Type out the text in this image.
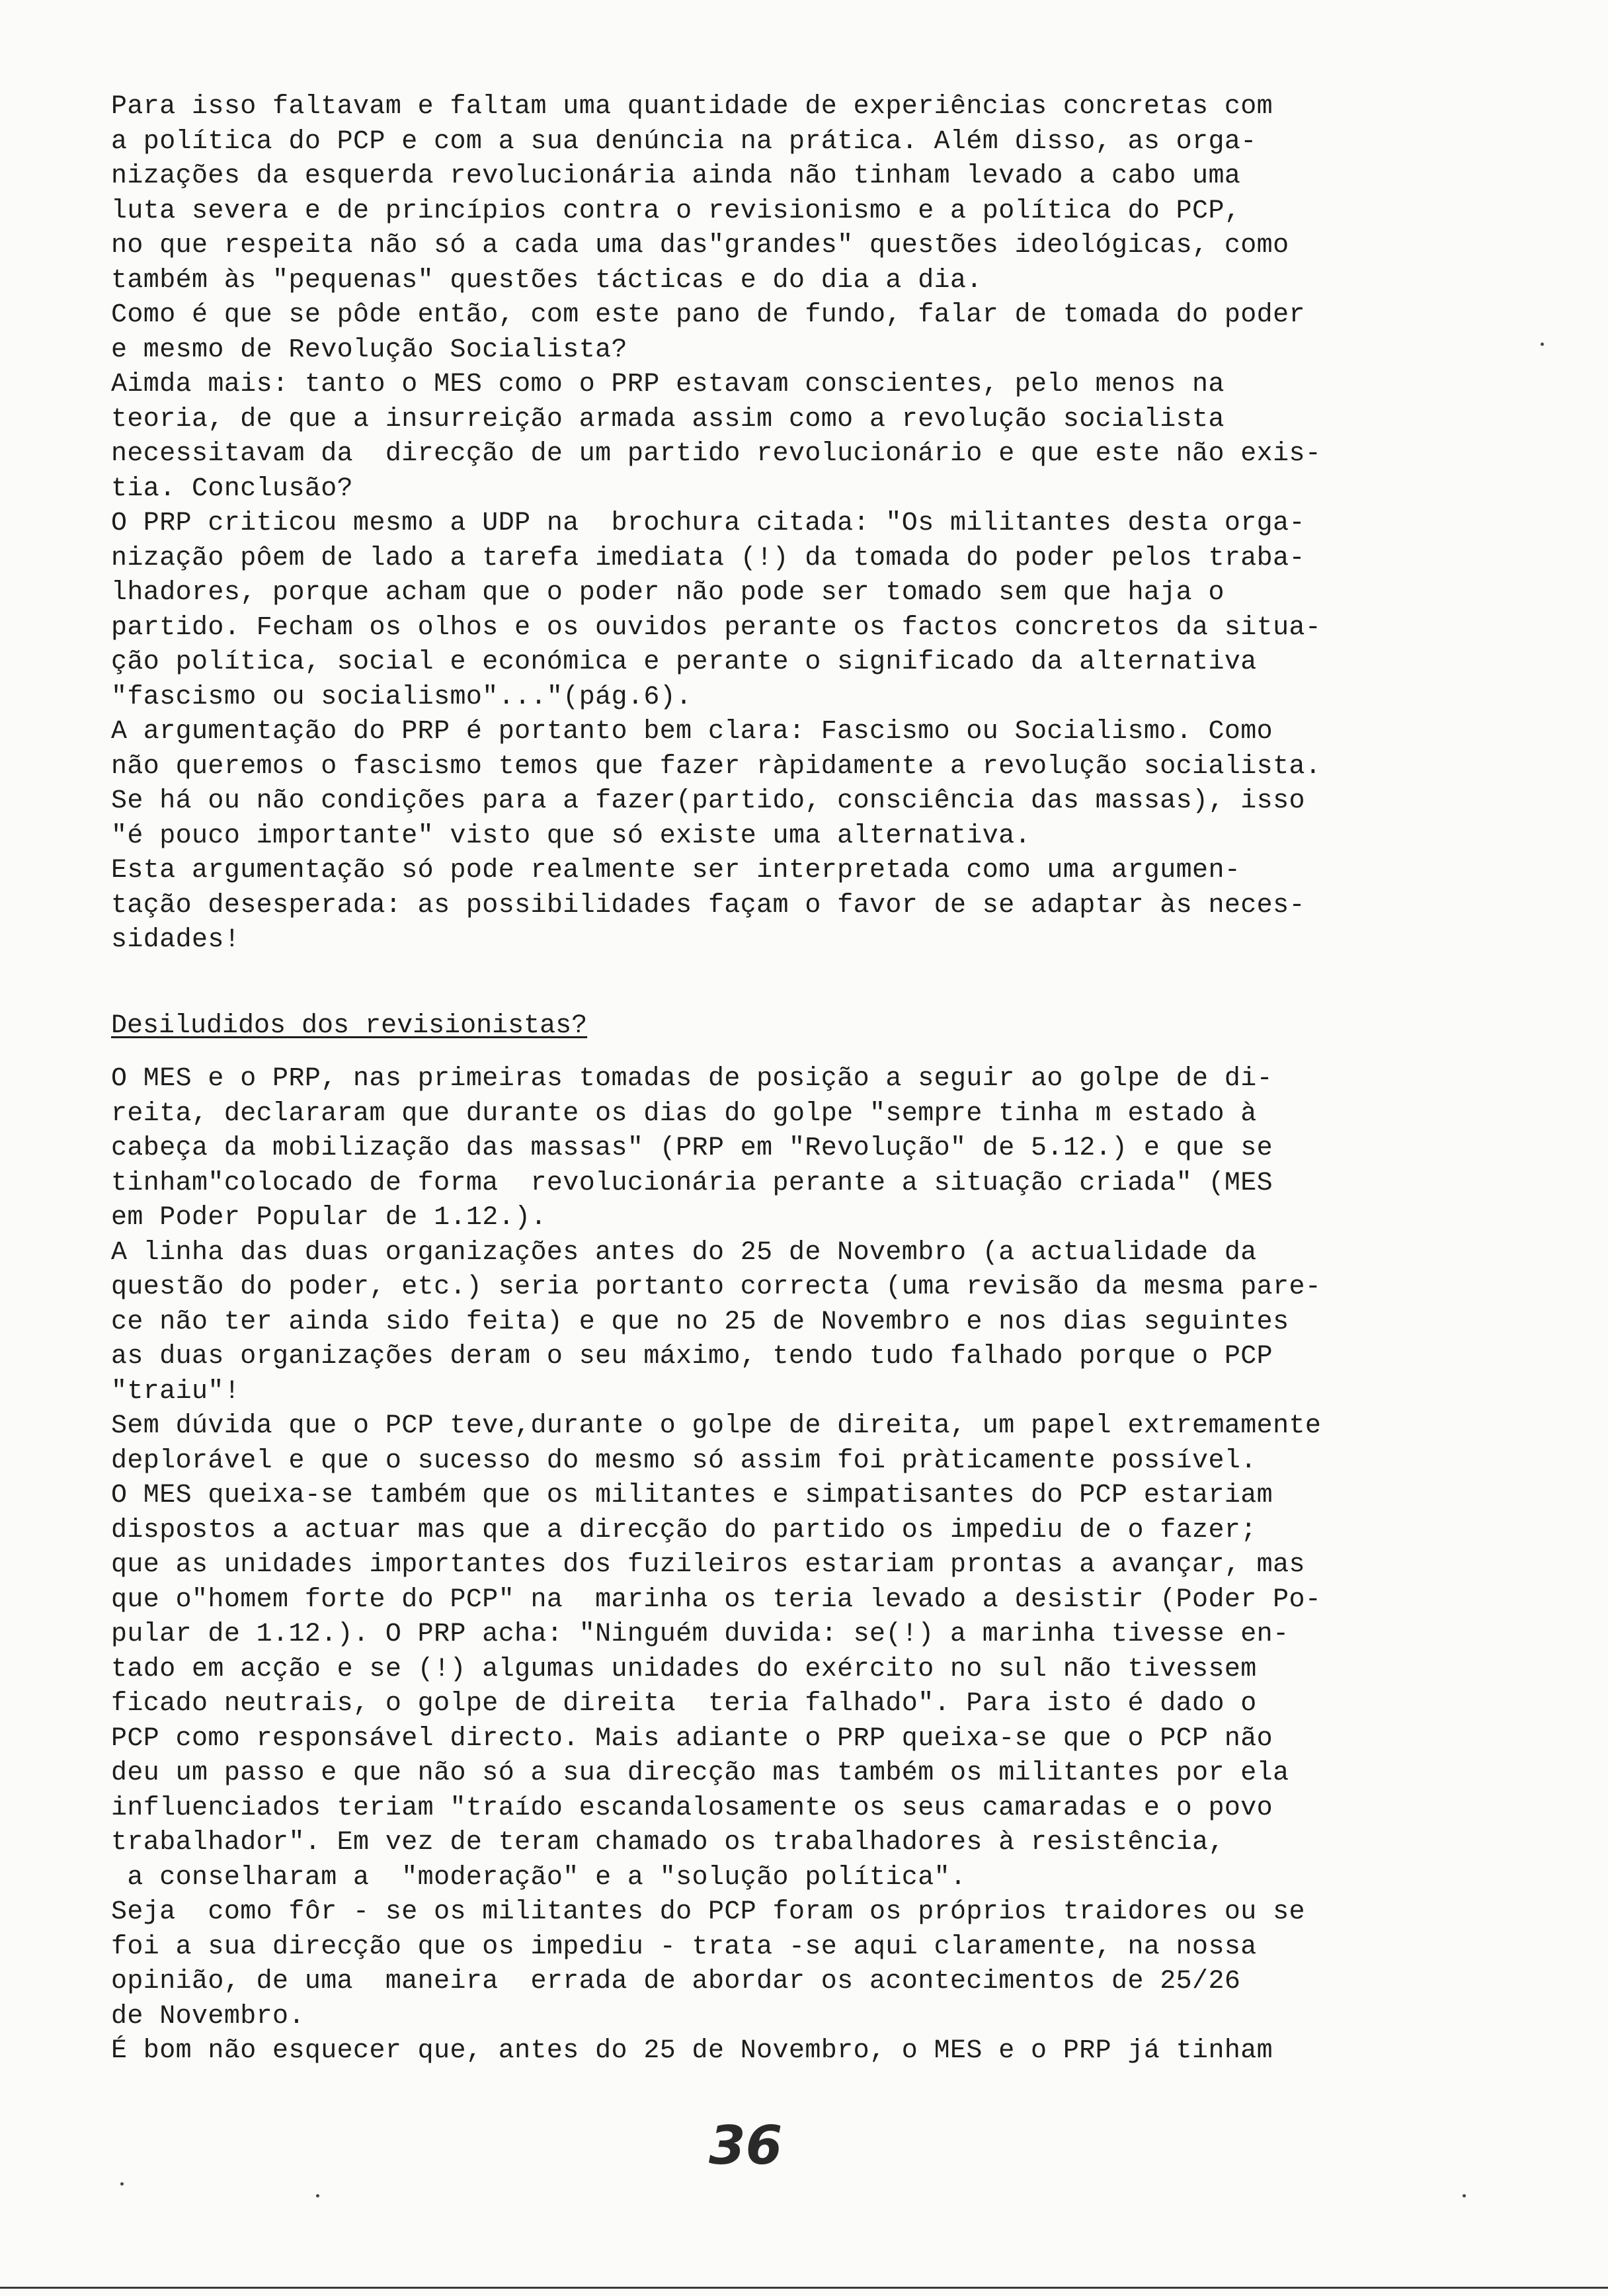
Para isso faltavam e faltam uma quantidade de experiências concretas com
a política do PCP e com a sua denúncia na prática. Além disso, as orga-
nizações da esquerda revolucionária ainda não tinham levado a cabo uma
luta severa e de princípios contra o revisionismo e a política do PCP,
no que respeita não só a cada uma das"grandes" questões ideológicas, como
também às "pequenas" questões tácticas e do dia a dia.
Como é que se pôde então, com este pano de fundo, falar de tomada do poder
e mesmo de Revolução Socialista?
Aimda mais: tanto o MES como o PRP estavam conscientes, pelo menos na
teoria, de que a insurreição armada assim como a revolução socialista
necessitavam da  direcção de um partido revolucionário e que este não exis-
tia. Conclusão?
O PRP criticou mesmo a UDP na  brochura citada: "Os militantes desta orga-
nização pôem de lado a tarefa imediata (!) da tomada do poder pelos traba-
lhadores, porque acham que o poder não pode ser tomado sem que haja o
partido. Fecham os olhos e os ouvidos perante os factos concretos da situa-
ção política, social e económica e perante o significado da alternativa
"fascismo ou socialismo"..."(pág.6).
A argumentação do PRP é portanto bem clara: Fascismo ou Socialismo. Como
não queremos o fascismo temos que fazer ràpidamente a revolução socialista.
Se há ou não condições para a fazer(partido, consciência das massas), isso
"é pouco importante" visto que só existe uma alternativa.
Esta argumentação só pode realmente ser interpretada como uma argumen-
tação desesperada: as possibilidades façam o favor de se adaptar às neces-
sidades!
Desiludidos dos revisionistas?
O MES e o PRP, nas primeiras tomadas de posição a seguir ao golpe de di-
reita, declararam que durante os dias do golpe "sempre tinha m estado à
cabeça da mobilização das massas" (PRP em "Revolução" de 5.12.) e que se
tinham"colocado de forma  revolucionária perante a situação criada" (MES
em Poder Popular de 1.12.).
A linha das duas organizações antes do 25 de Novembro (a actualidade da
questão do poder, etc.) seria portanto correcta (uma revisão da mesma pare-
ce não ter ainda sido feita) e que no 25 de Novembro e nos dias seguintes
as duas organizações deram o seu máximo, tendo tudo falhado porque o PCP
"traiu"!
Sem dúvida que o PCP teve,durante o golpe de direita, um papel extremamente
deplorável e que o sucesso do mesmo só assim foi pràticamente possível.
O MES queixa-se também que os militantes e simpatisantes do PCP estariam
dispostos a actuar mas que a direcção do partido os impediu de o fazer;
que as unidades importantes dos fuzileiros estariam prontas a avançar, mas
que o"homem forte do PCP" na  marinha os teria levado a desistir (Poder Po-
pular de 1.12.). O PRP acha: "Ninguém duvida: se(!) a marinha tivesse en-
tado em acção e se (!) algumas unidades do exército no sul não tivessem
ficado neutrais, o golpe de direita  teria falhado". Para isto é dado o
PCP como responsável directo. Mais adiante o PRP queixa-se que o PCP não
deu um passo e que não só a sua direcção mas também os militantes por ela
influenciados teriam "traído escandalosamente os seus camaradas e o povo
trabalhador". Em vez de teram chamado os trabalhadores à resistência,
a conselharam a  "moderação" e a "solução política".
Seja  como fôr - se os militantes do PCP foram os próprios traidores ou se
foi a sua direcção que os impediu - trata -se aqui claramente, na nossa
opinião, de uma  maneira  errada de abordar os acontecimentos de 25/26
de Novembro.
É bom não esquecer que, antes do 25 de Novembro, o MES e o PRP já tinham
36
